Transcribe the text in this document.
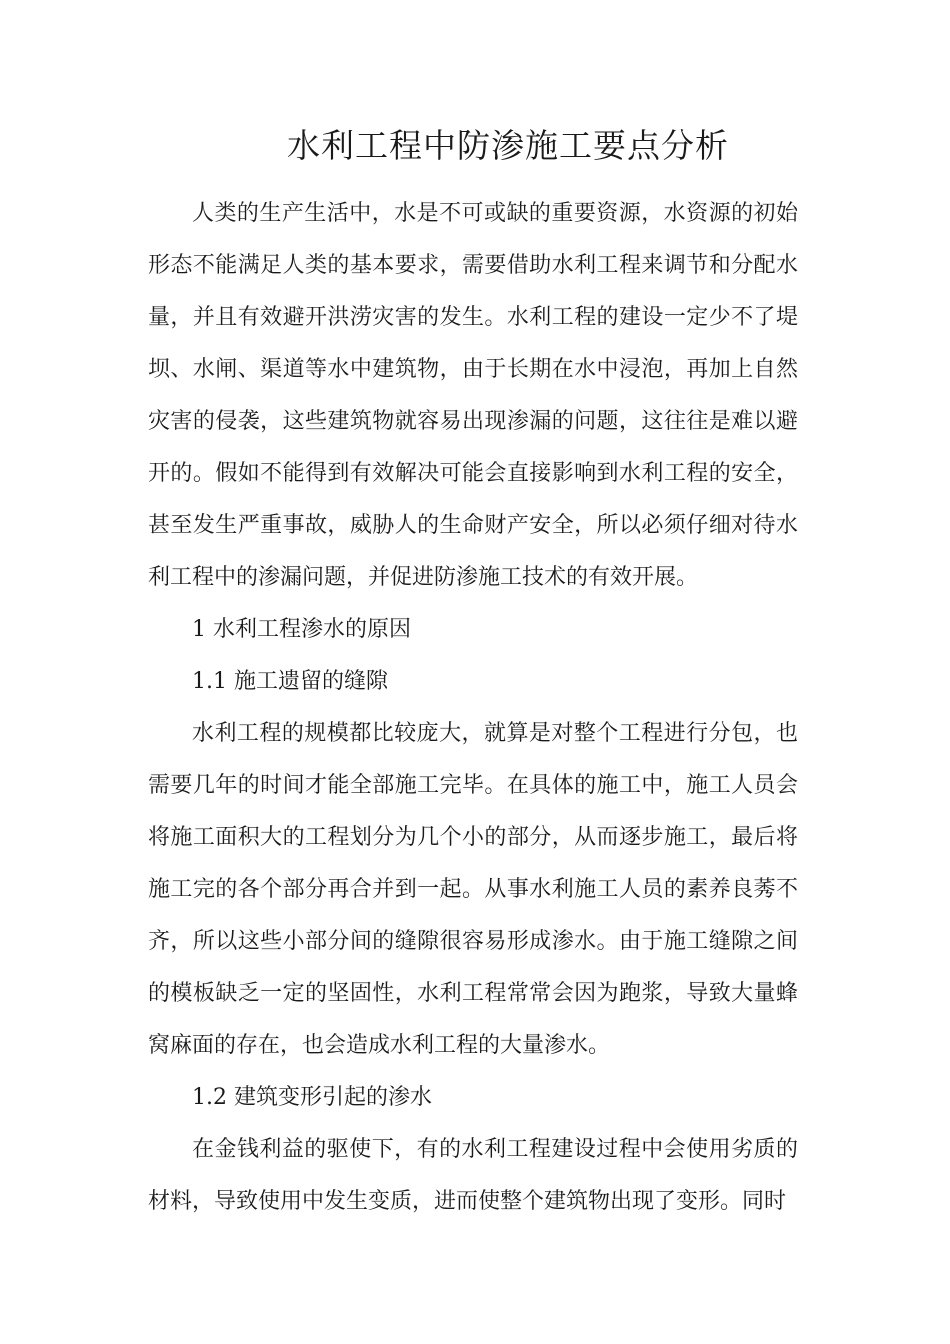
水利工程中防渗施工要点分析

人类的生产生活中，水是不可或缺的重要资源，水资源的初始形态不能满足人类的基本要求，需要借助水利工程来调节和分配水量，并且有效避开洪涝灾害的发生。水利工程的建设一定少不了堤坝、水闸、渠道等水中建筑物，由于长期在水中浸泡，再加上自然灾害的侵袭，这些建筑物就容易出现渗漏的问题，这往往是难以避开的。假如不能得到有效解决可能会直接影响到水利工程的安全，甚至发生严重事故，威胁人的生命财产安全，所以必须仔细对待水利工程中的渗漏问题，并促进防渗施工技术的有效开展。

1 水利工程渗水的原因

1.1 施工遗留的缝隙

水利工程的规模都比较庞大，就算是对整个工程进行分包，也需要几年的时间才能全部施工完毕。在具体的施工中，施工人员会将施工面积大的工程划分为几个小的部分，从而逐步施工，最后将施工完的各个部分再合并到一起。从事水利施工人员的素养良莠不齐，所以这些小部分间的缝隙很容易形成渗水。由于施工缝隙之间的模板缺乏一定的坚固性，水利工程常常会因为跑浆，导致大量蜂窝麻面的存在，也会造成水利工程的大量渗水。

1.2 建筑变形引起的渗水

在金钱利益的驱使下，有的水利工程建设过程中会使用劣质的材料，导致使用中发生变质，进而使整个建筑物出现了变形。同时
